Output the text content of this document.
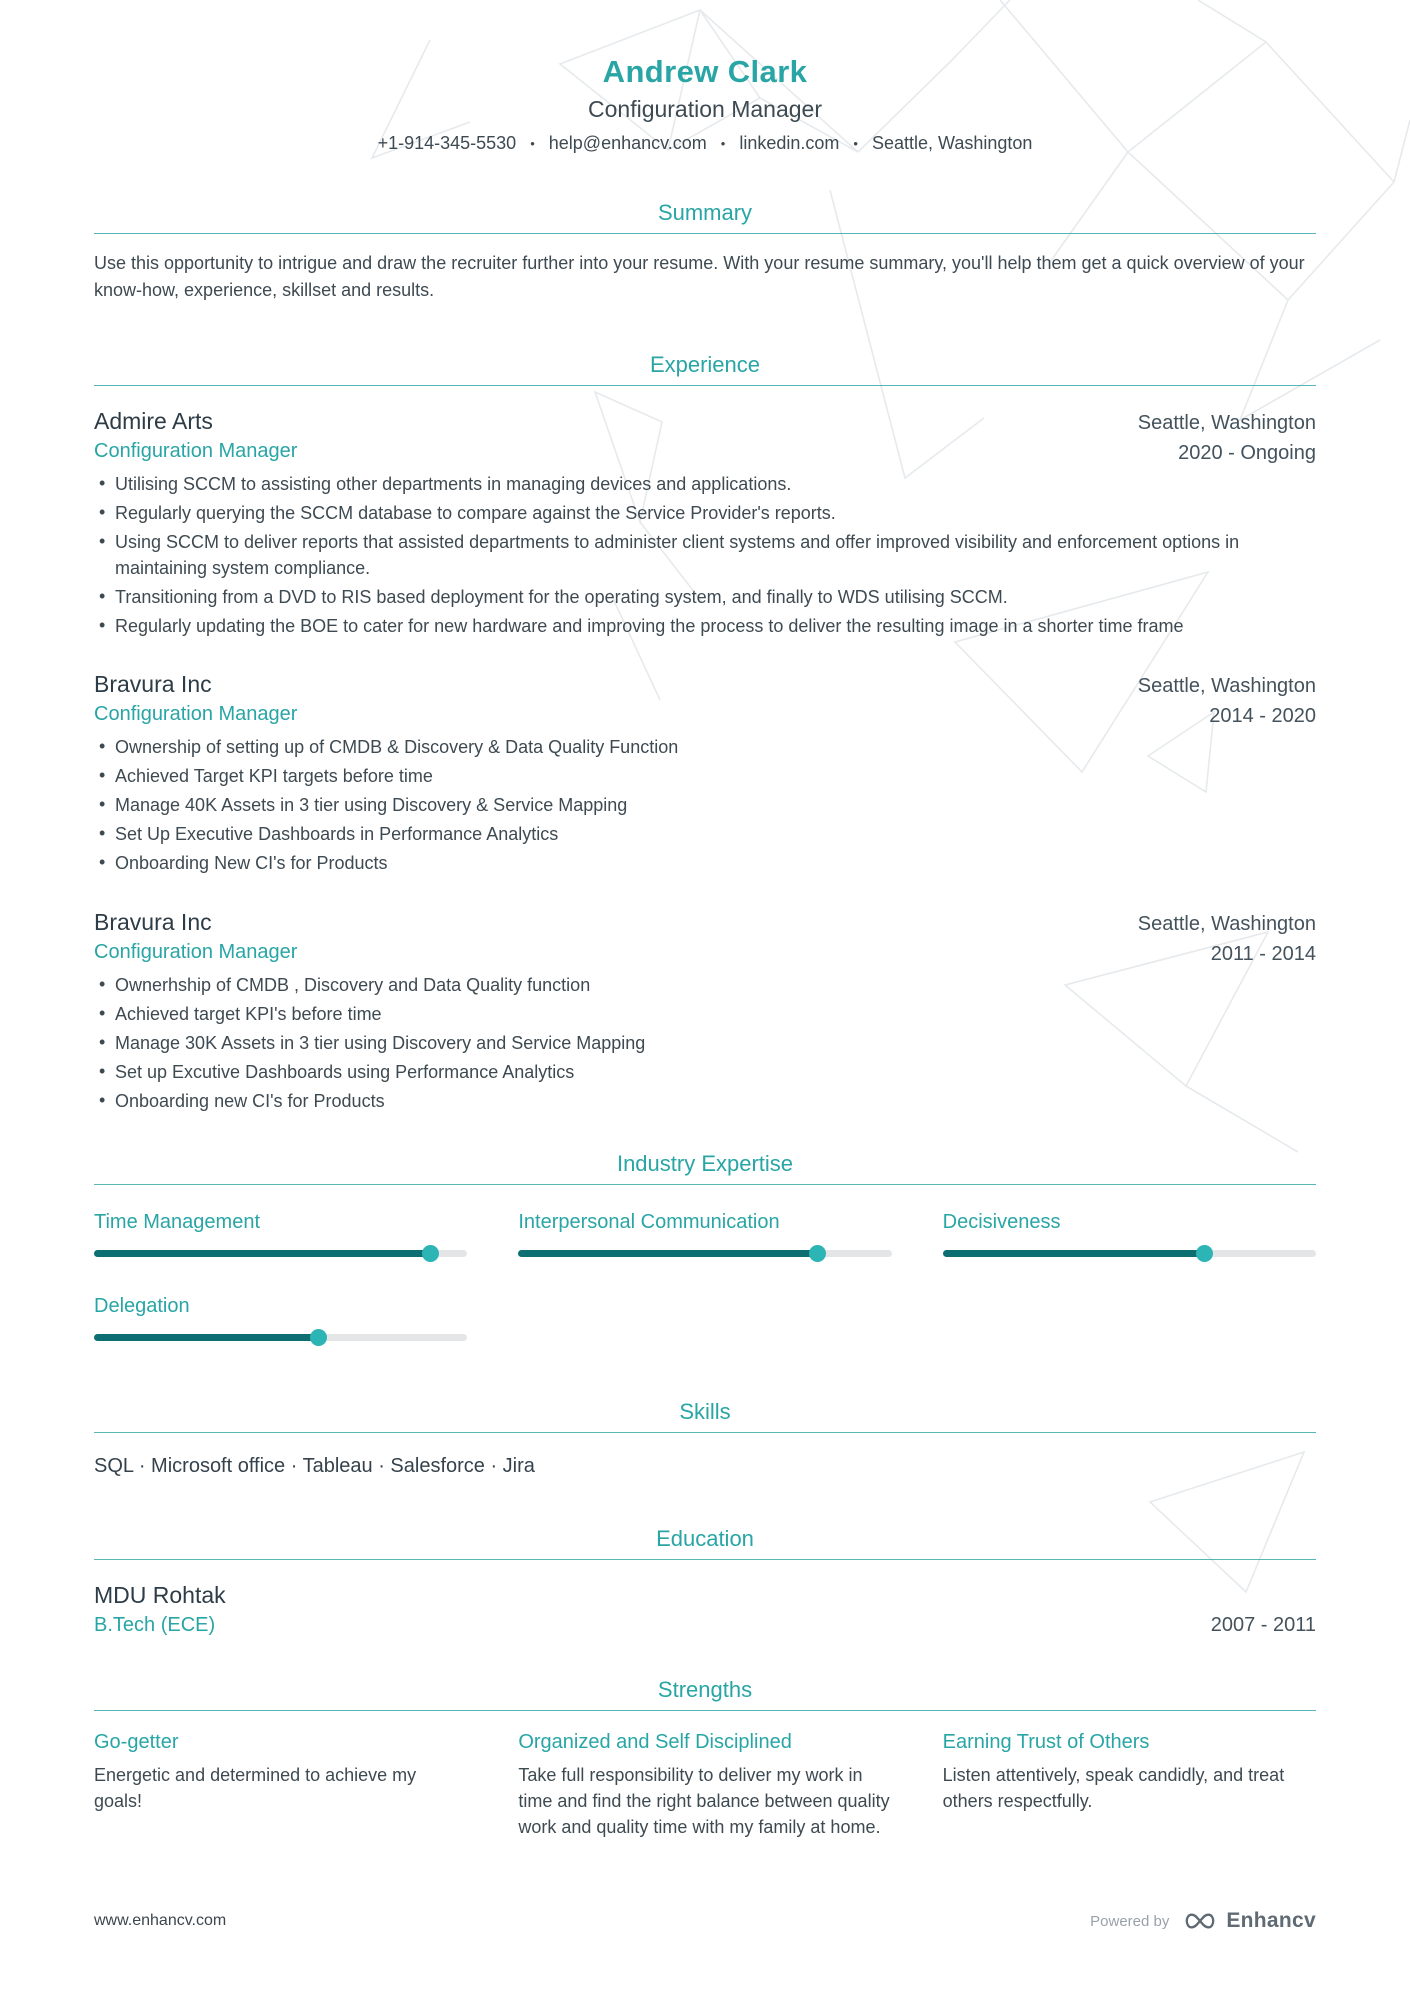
Andrew Clark
Configuration Manager
+1-914-345-5530 • help@enhancv.com • linkedin.com • Seattle, Washington
Summary

Use this opportunity to intrigue and draw the recruiter further into your resume. With your resume summary, you'll help them get a quick overview of your know-how, experience, skillset and results.

Experience
Admire Arts
Configuration Manager
Seattle, Washington
2020 - Ongoing
• Utilising SCCM to assisting other departments in managing devices and applications.
• Regularly querying the SCCM database to compare against the Service Provider's reports.
• Using SCCM to deliver reports that assisted departments to administer client systems and offer improved visibility and enforcement options in maintaining system compliance.
• Transitioning from a DVD to RIS based deployment for the operating system, and finally to WDS utilising SCCM.
• Regularly updating the BOE to cater for new hardware and improving the process to deliver the resulting image in a shorter time frame
Bravura Inc
Configuration Manager
Seattle, Washington
2014 - 2020
• Ownership of setting up of CMDB & Discovery & Data Quality Function
• Achieved Target KPI targets before time
• Manage 40K Assets in 3 tier using Discovery & Service Mapping
• Set Up Executive Dashboards in Performance Analytics
• Onboarding New CI's for Products
Bravura Inc
Configuration Manager
Seattle, Washington
2011 - 2014
• Ownerhship of CMDB , Discovery and Data Quality function
• Achieved target KPI's before time
• Manage 30K Assets in 3 tier using Discovery and Service Mapping
• Set up Excutive Dashboards using Performance Analytics
• Onboarding new CI's for Products
Industry Expertise
Time Management	Interpersonal Communication	Decisiveness
Delegation
Skills

SQL · Microsoft office · Tableau · Salesforce · Jira

Education
MDU Rohtak
B.Tech (ECE)	2007 - 2011
Strengths
Go-getter

Energetic and determined to achieve my goals!

Organized and Self Disciplined

Take full responsibility to deliver my work in time and find the right balance between quality work and quality time with my family at home.

Earning Trust of Others

Listen attentively, speak candidly, and treat others respectfully.

www.enhancv.com	Powered by	Enhancv
